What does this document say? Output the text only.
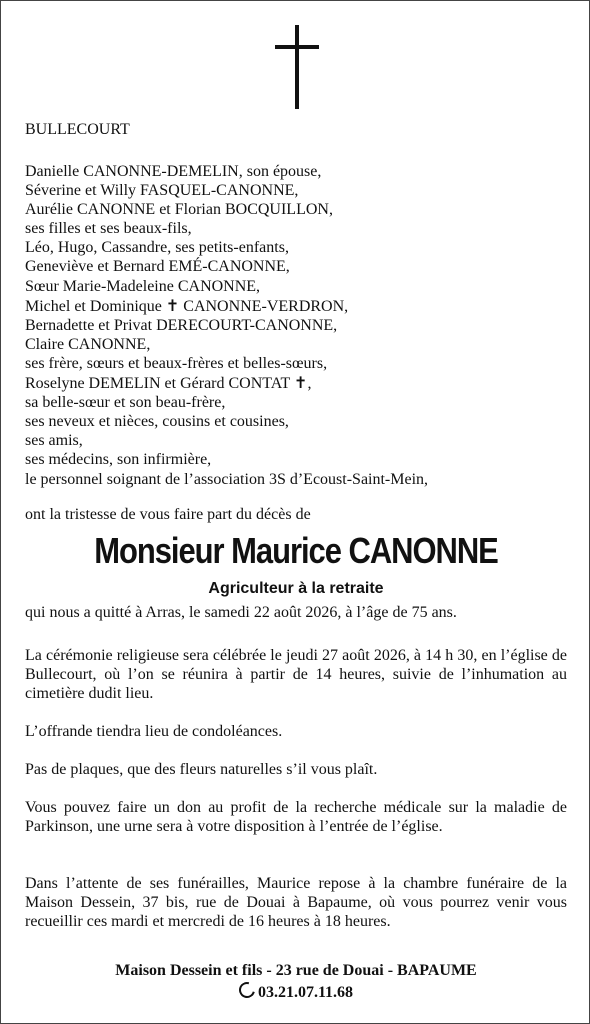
BULLECOURT
Danielle CANONNE-DEMELIN, son épouse,
Séverine et Willy FASQUEL-CANONNE,
Aurélie CANONNE et Florian BOCQUILLON,
ses filles et ses beaux-fils,
Léo, Hugo, Cassandre, ses petits-enfants,
Geneviève et Bernard EMÉ-CANONNE,
Sœur Marie-Madeleine CANONNE,
Michel et Dominique ✝ CANONNE-VERDRON,
Bernadette et Privat DERECOURT-CANONNE,
Claire CANONNE,
ses frère, sœurs et beaux-frères et belles-sœurs,
Roselyne DEMELIN et Gérard CONTAT ✝,
sa belle-sœur et son beau-frère,
ses neveux et nièces, cousins et cousines,
ses amis,
ses médecins, son infirmière,
le personnel soignant de l’association 3S d’Ecoust-Saint-Mein,
ont la tristesse de vous faire part du décès de
Monsieur Maurice CANONNE
Agriculteur à la retraite
qui nous a quitté à Arras, le samedi 22 août 2026, à l’âge de 75 ans.

La cérémonie religieuse sera célébrée le jeudi 27 août 2026, à 14 h 30, en l’église de Bullecourt, où l’on se réunira à partir de 14 heures, suivie de l’inhumation au cimetière dudit lieu.

L’offrande tiendra lieu de condoléances.

Pas de plaques, que des fleurs naturelles s’il vous plaît.

Vous pouvez faire un don au profit de la recherche médicale sur la maladie de Parkinson, une urne sera à votre disposition à l’entrée de l’église.

Dans l’attente de ses funérailles, Maurice repose à la chambre funéraire de la Maison Dessein, 37 bis, rue de Douai à Bapaume, où vous pourrez venir vous recueillir ces mardi et mercredi de 16 heures à 18 heures.

Maison Dessein et fils - 23 rue de Douai - BAPAUME
03.21.07.11.68
